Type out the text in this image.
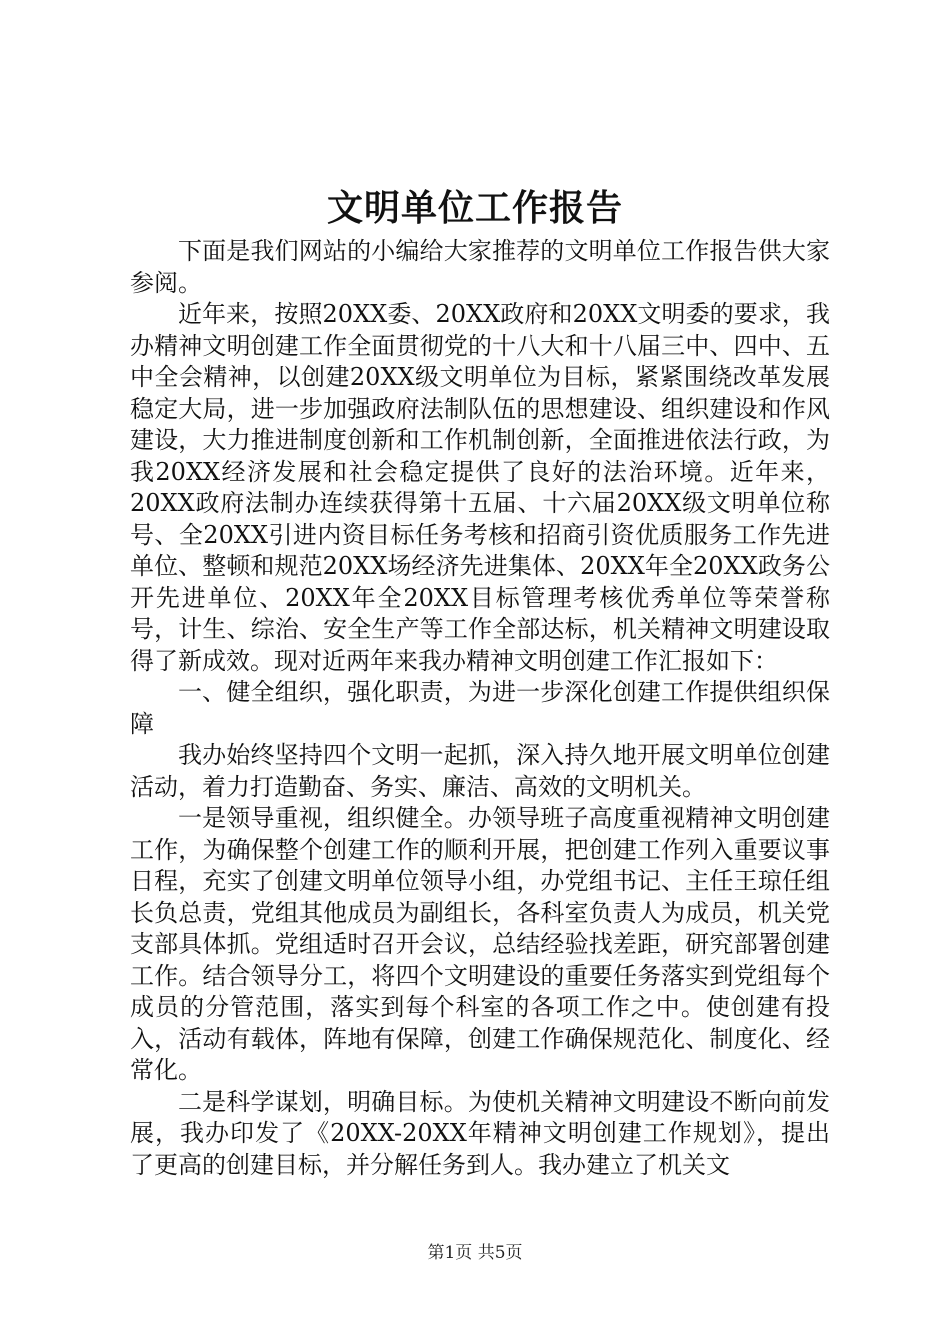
文明单位工作报告

下面是我们网站的小编给大家推荐的文明单位工作报告供大家参阅。

近年来，按照20XX委、20XX政府和20XX文明委的要求，我办精神文明创建工作全面贯彻党的十八大和十八届三中、四中、五中全会精神，以创建20XX级文明单位为目标，紧紧围绕改革发展稳定大局，进一步加强政府法制队伍的思想建设、组织建设和作风建设，大力推进制度创新和工作机制创新，全面推进依法行政，为我20XX经济发展和社会稳定提供了良好的法治环境。近年来，20XX政府法制办连续获得第十五届、十六届20XX级文明单位称号、全20XX引进内资目标任务考核和招商引资优质服务工作先进单位、整顿和规范20XX场经济先进集体、20XX年全20XX政务公开先进单位、20XX年全20XX目标管理考核优秀单位等荣誉称号，计生、综治、安全生产等工作全部达标，机关精神文明建设取得了新成效。现对近两年来我办精神文明创建工作汇报如下：

一、健全组织，强化职责，为进一步深化创建工作提供组织保障

我办始终坚持四个文明一起抓，深入持久地开展文明单位创建活动，着力打造勤奋、务实、廉洁、高效的文明机关。

一是领导重视，组织健全。办领导班子高度重视精神文明创建工作，为确保整个创建工作的顺利开展，把创建工作列入重要议事日程，充实了创建文明单位领导小组，办党组书记、主任王琼任组长负总责，党组其他成员为副组长，各科室负责人为成员，机关党支部具体抓。党组适时召开会议，总结经验找差距，研究部署创建工作。结合领导分工，将四个文明建设的重要任务落实到党组每个成员的分管范围，落实到每个科室的各项工作之中。使创建有投入，活动有载体，阵地有保障，创建工作确保规范化、制度化、经常化。

二是科学谋划，明确目标。为使机关精神文明建设不断向前发展，我办印发了《20XX-20XX年精神文明创建工作规划》，提出了更高的创建目标，并分解任务到人。我办建立了机关文

第1页 共5页
